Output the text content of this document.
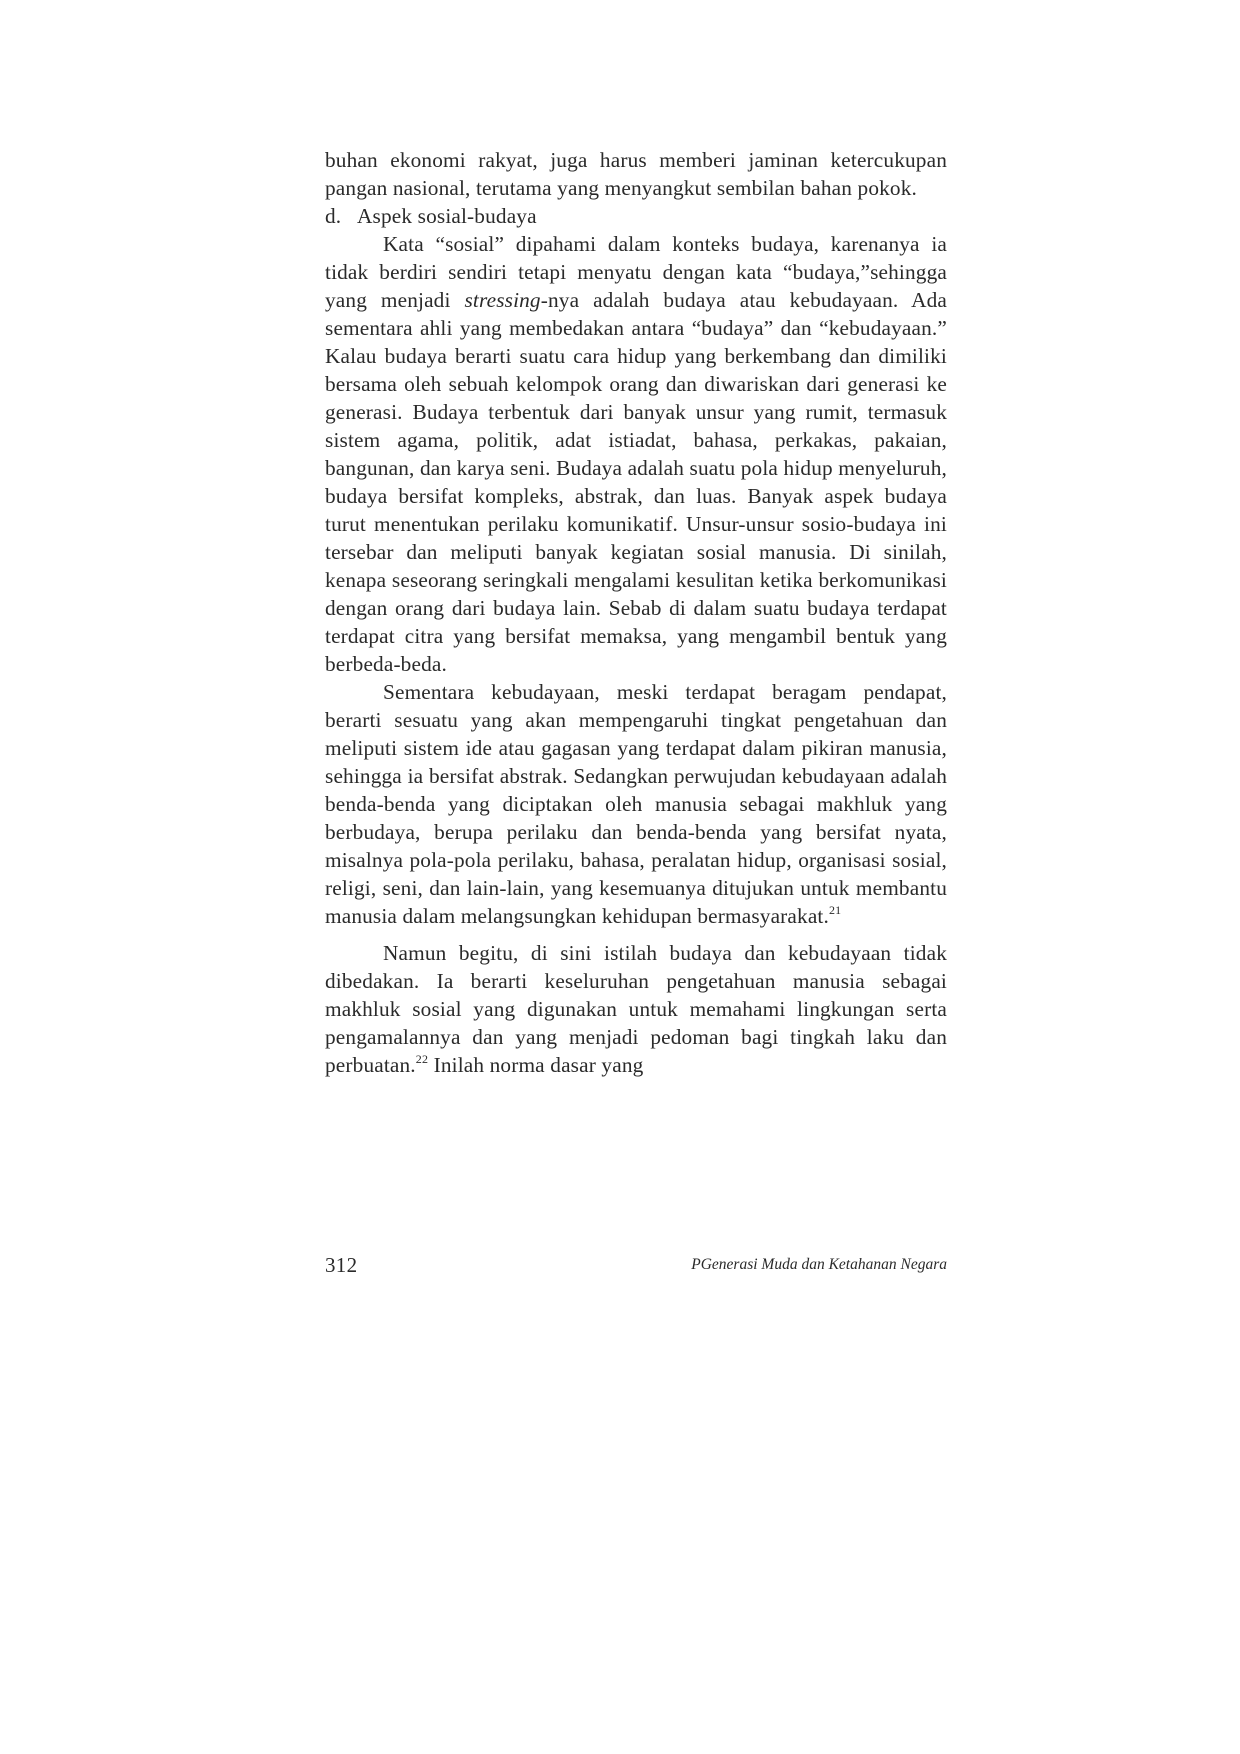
buhan ekonomi rakyat, juga harus memberi jaminan ketercukupan pangan nasional, terutama yang menyangkut sembilan bahan pokok.

d. Aspek sosial-budaya

Kata “sosial” dipahami dalam konteks budaya, karenanya ia tidak berdiri sendiri tetapi menyatu dengan kata “budaya,”sehingga yang menjadi stressing-nya adalah budaya atau kebudayaan. Ada sementara ahli yang membedakan antara “budaya” dan “kebudayaan.” Kalau budaya berarti suatu cara hidup yang berkembang dan dimiliki bersama oleh sebuah kelompok orang dan diwariskan dari generasi ke generasi. Budaya terbentuk dari banyak unsur yang rumit, termasuk sistem agama, politik, adat istiadat, bahasa, perkakas, pakaian, bangunan, dan karya seni. Budaya adalah suatu pola hidup menyeluruh, budaya bersifat kompleks, abstrak, dan luas. Banyak aspek budaya turut menentukan perilaku komunikatif. Unsur-unsur sosio-budaya ini tersebar dan meliputi banyak kegiatan sosial manusia. Di sinilah, kenapa seseorang seringkali mengalami kesulitan ketika berkomunikasi dengan orang dari budaya lain. Sebab di dalam suatu budaya terdapat terdapat citra yang bersifat memaksa, yang mengambil bentuk yang berbeda-beda.

Sementara kebudayaan, meski terdapat beragam pendapat, berarti sesuatu yang akan mempengaruhi tingkat pengetahuan dan meliputi sistem ide atau gagasan yang terdapat dalam pikiran manusia, sehingga ia bersifat abstrak. Sedangkan perwujudan kebudayaan adalah benda-benda yang diciptakan oleh manusia sebagai makhluk yang berbudaya, berupa perilaku dan benda-benda yang bersifat nyata, misalnya pola-pola perilaku, bahasa, peralatan hidup, organisasi sosial, religi, seni, dan lain-lain, yang kesemuanya ditujukan untuk membantu manusia dalam melangsungkan kehidupan bermasyarakat.$^{21}$

Namun begitu, di sini istilah budaya dan kebudayaan tidak dibedakan. Ia berarti keseluruhan pengetahuan manusia sebagai makhluk sosial yang digunakan untuk memahami lingkungan serta pengamalannya dan yang menjadi pedoman bagi tingkah laku dan perbuatan.$^{22}$ Inilah norma dasar yang

312	PGenerasi Muda dan Ketahanan Negara
